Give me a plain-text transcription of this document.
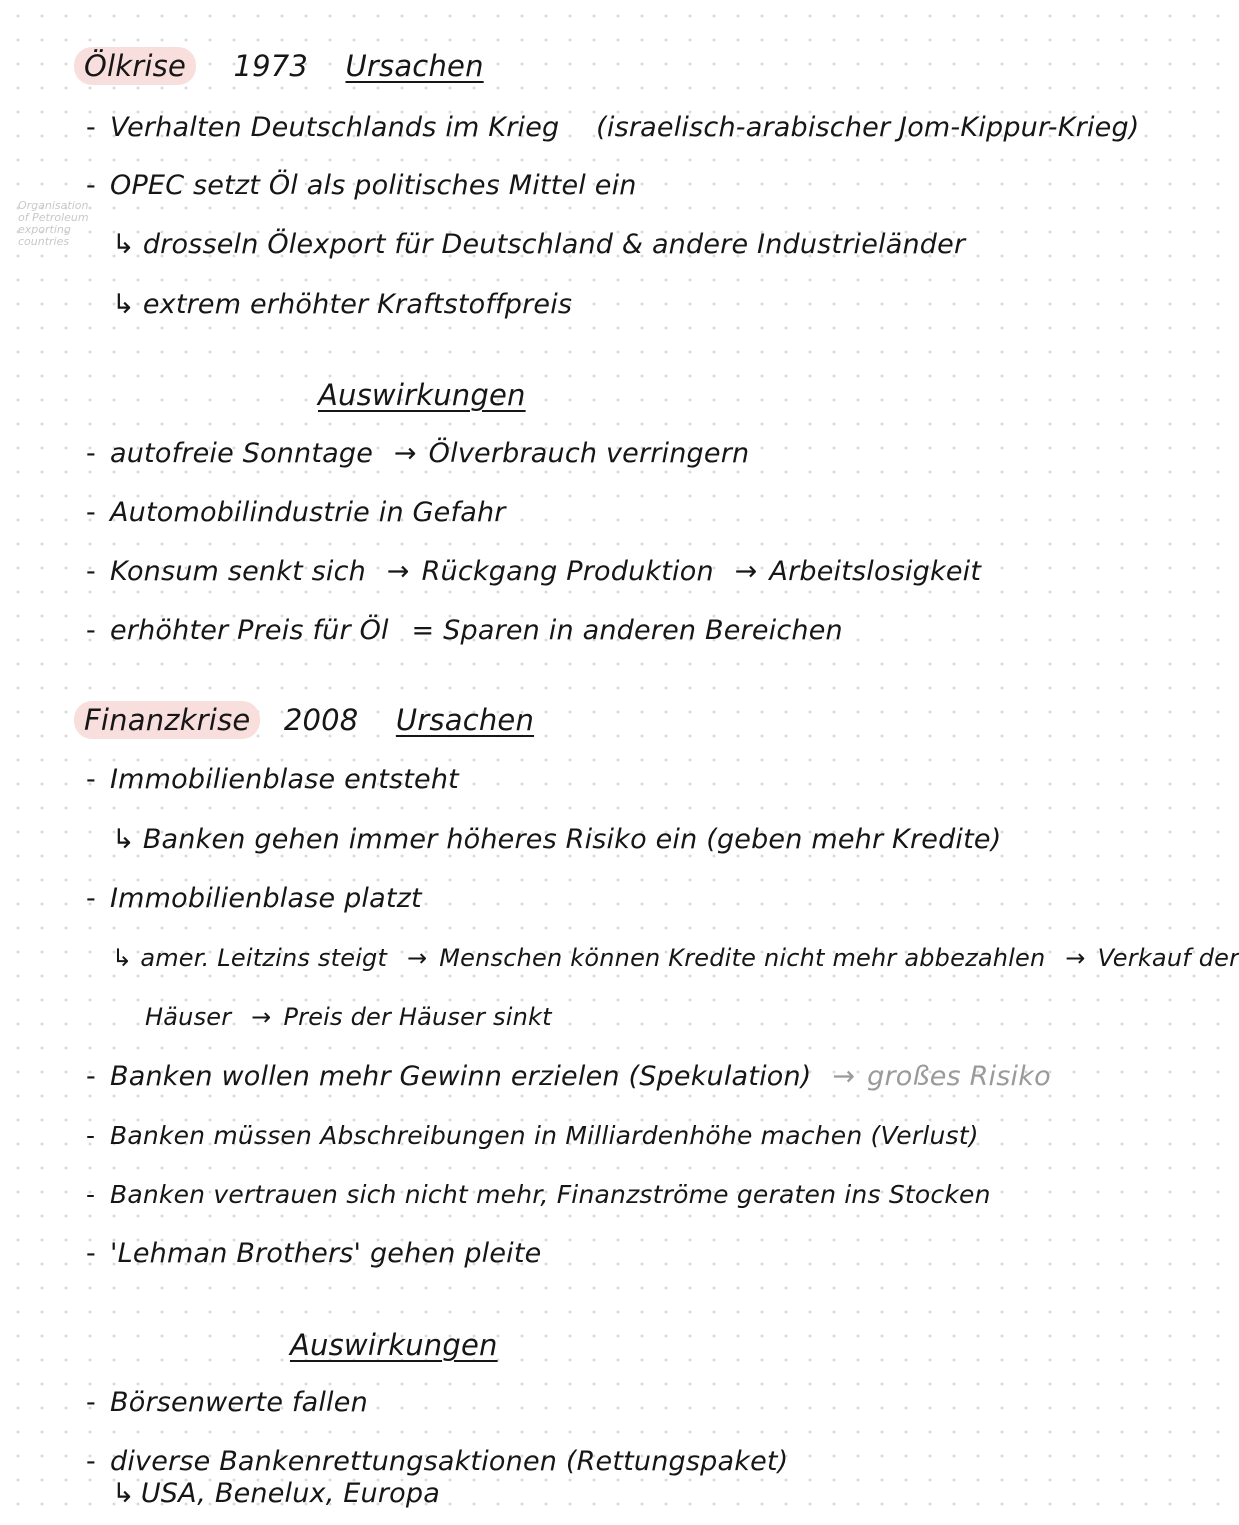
Ölkrise 1973 Ursachen
Organisation
of Petroleum
exporting
countries
- Verhalten Deutschlands im Krieg (israelisch-arabischer Jom-Kippur-Krieg)
- OPEC setzt Öl als politisches Mittel ein
↳ drosseln Ölexport für Deutschland & andere Industrieländer
↳ extrem erhöhter Kraftstoffpreis
Auswirkungen
- autofreie Sonntage → Ölverbrauch verringern
- Automobilindustrie in Gefahr
- Konsum senkt sich → Rückgang Produktion → Arbeitslosigkeit
- erhöhter Preis für Öl = Sparen in anderen Bereichen
Finanzkrise 2008 Ursachen
- Immobilienblase entsteht
↳ Banken gehen immer höheres Risiko ein (geben mehr Kredite)
- Immobilienblase platzt
↳ amer. Leitzins steigt → Menschen können Kredite nicht mehr abbezahlen → Verkauf der
Häuser → Preis der Häuser sinkt
- Banken wollen mehr Gewinn erzielen (Spekulation) → großes Risiko
- Banken müssen Abschreibungen in Milliardenhöhe machen (Verlust)
- Banken vertrauen sich nicht mehr, Finanzströme geraten ins Stocken
- 'Lehman Brothers' gehen pleite
Auswirkungen
- Börsenwerte fallen
- diverse Bankenrettungsaktionen (Rettungspaket)
↳ USA, Benelux, Europa
